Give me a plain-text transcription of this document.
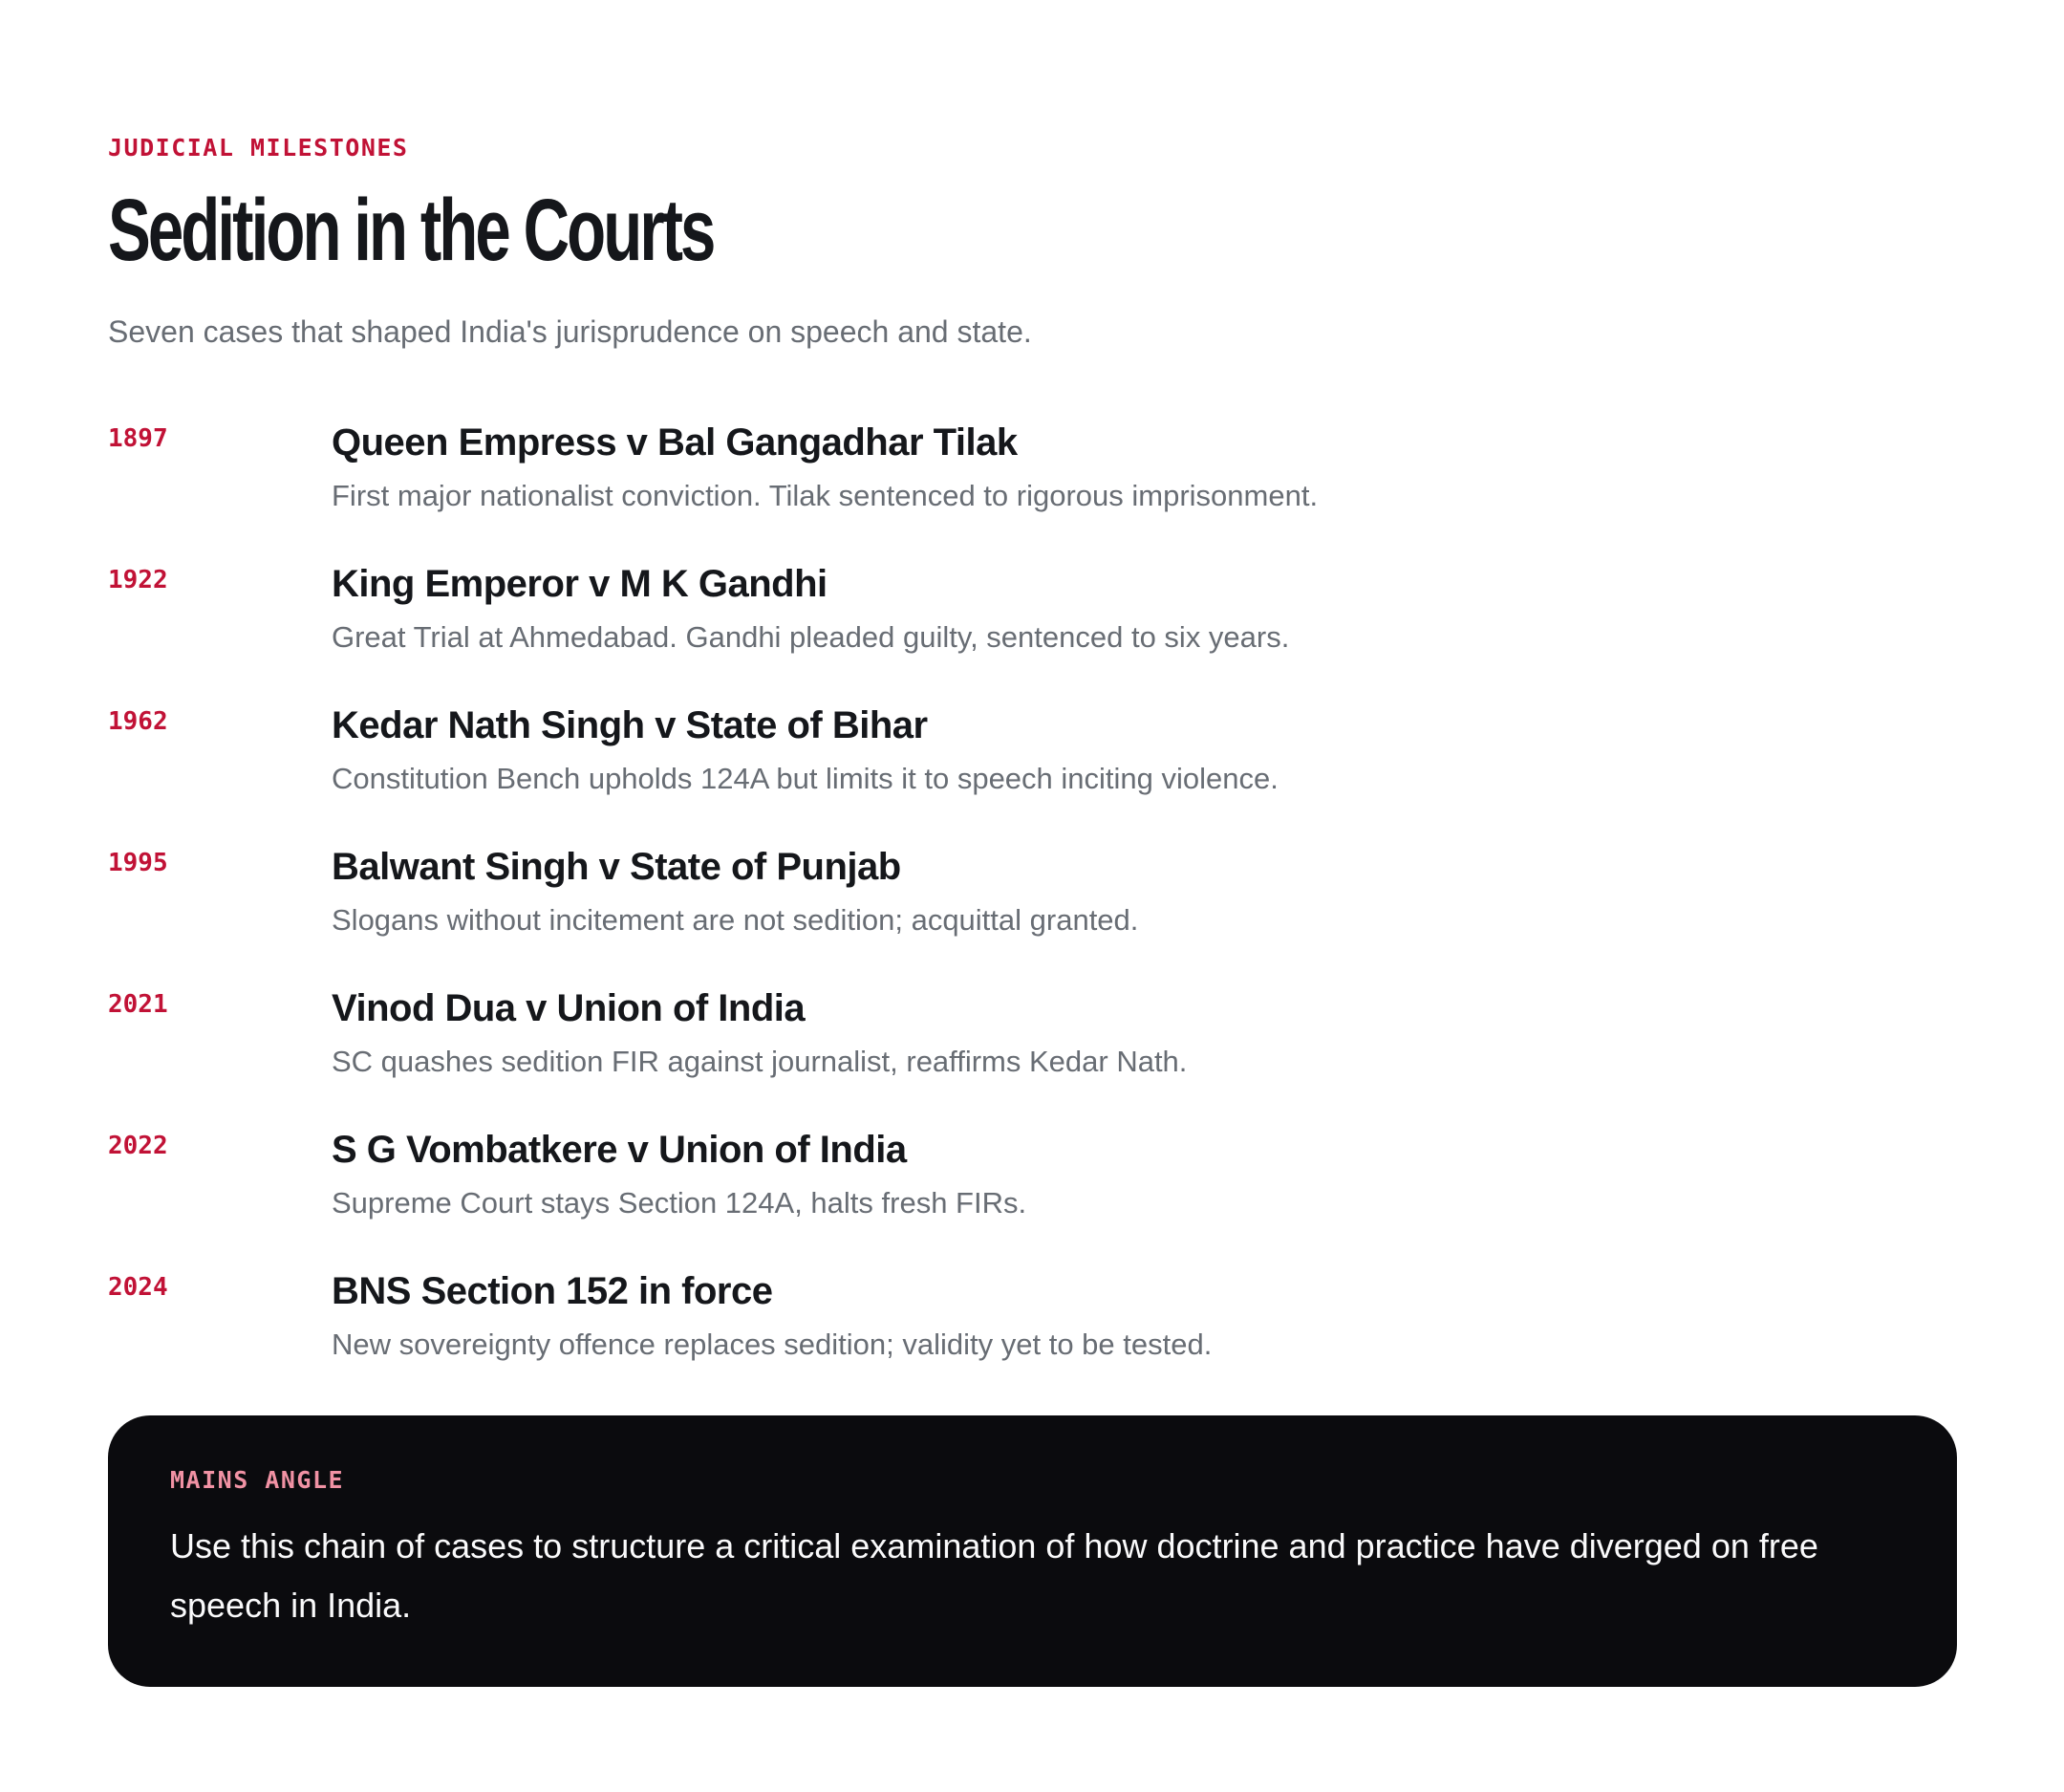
JUDICIAL MILESTONES
Sedition in the Courts

Seven cases that shaped India's jurisprudence on speech and state.

1897	Queen Empress v Bal Gangadhar Tilak
First major nationalist conviction. Tilak sentenced to rigorous imprisonment.
1922	King Emperor v M K Gandhi
Great Trial at Ahmedabad. Gandhi pleaded guilty, sentenced to six years.
1962	Kedar Nath Singh v State of Bihar
Constitution Bench upholds 124A but limits it to speech inciting violence.
1995	Balwant Singh v State of Punjab
Slogans without incitement are not sedition; acquittal granted.
2021	Vinod Dua v Union of India
SC quashes sedition FIR against journalist, reaffirms Kedar Nath.
2022	S G Vombatkere v Union of India
Supreme Court stays Section 124A, halts fresh FIRs.
2024	BNS Section 152 in force
New sovereignty offence replaces sedition; validity yet to be tested.
MAINS ANGLE

Use this chain of cases to structure a critical examination of how doctrine and practice have diverged on free speech in India.
